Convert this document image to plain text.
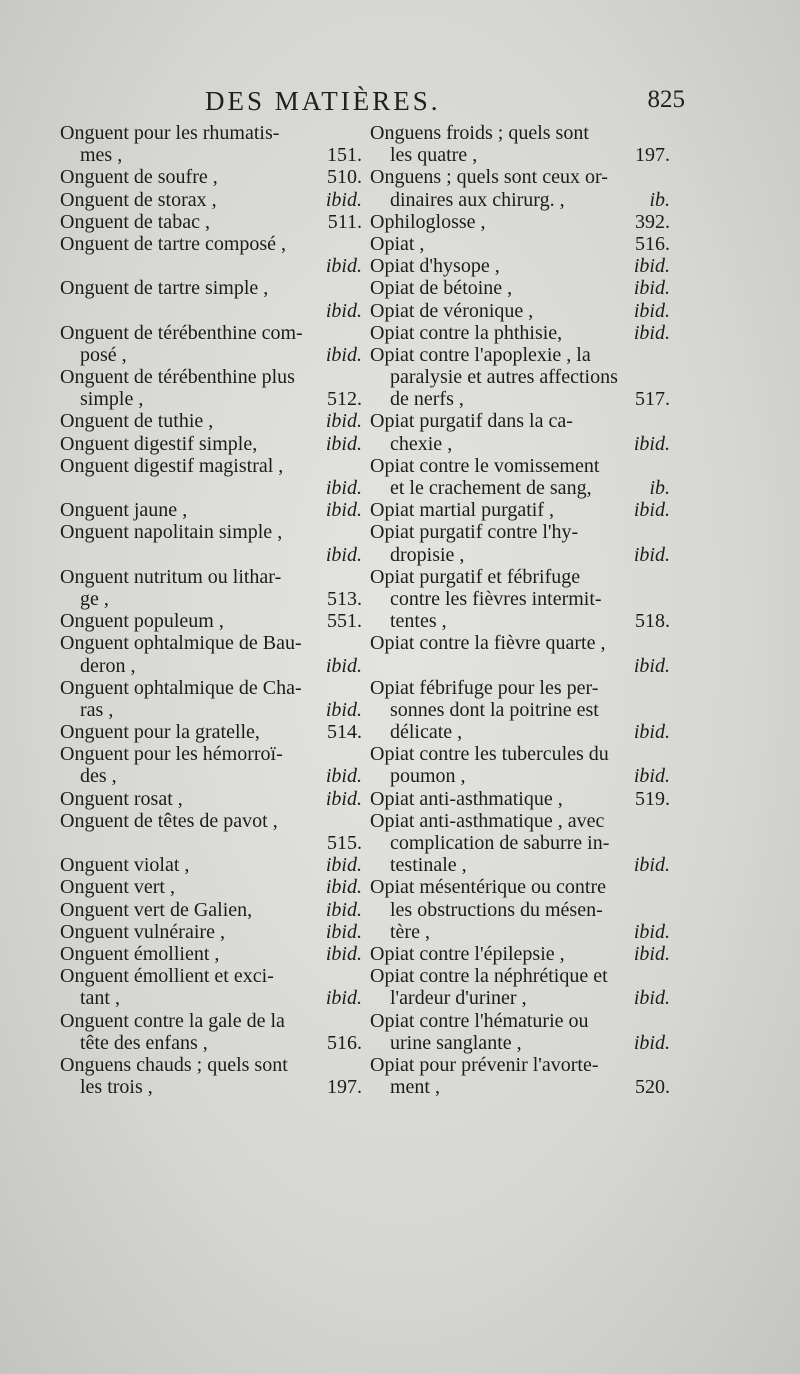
DES MATIÈRES.	825
Onguent pour les rhumatis-
mes ,	151.
Onguent de soufre ,	510.
Onguent de storax ,	ibid.
Onguent de tabac ,	511.
Onguent de tartre composé ,
ibid.
Onguent de tartre simple ,
ibid.
Onguent de térébenthine com-
posé ,	ibid.
Onguent de térébenthine plus
simple ,	512.
Onguent de tuthie ,	ibid.
Onguent digestif simple,	ibid.
Onguent digestif magistral ,
ibid.
Onguent jaune ,	ibid.
Onguent napolitain simple ,
ibid.
Onguent nutritum ou lithar-
ge ,	513.
Onguent populeum ,	551.
Onguent ophtalmique de Bau-
deron ,	ibid.
Onguent ophtalmique de Cha-
ras ,	ibid.
Onguent pour la gratelle,	514.
Onguent pour les hémorroï-
des ,	ibid.
Onguent rosat ,	ibid.
Onguent de têtes de pavot ,
515.
Onguent violat ,	ibid.
Onguent vert ,	ibid.
Onguent vert de Galien,	ibid.
Onguent vulnéraire ,	ibid.
Onguent émollient ,	ibid.
Onguent émollient et exci-
tant ,	ibid.
Onguent contre la gale de la
tête des enfans ,	516.
Onguens chauds ; quels sont
les trois ,	197.
Onguens froids ; quels sont
les quatre ,	197.
Onguens ; quels sont ceux or-
dinaires aux chirurg. ,	ib.
Ophiloglosse ,	392.
Opiat ,	516.
Opiat d'hysope ,	ibid.
Opiat de bétoine ,	ibid.
Opiat de véronique ,	ibid.
Opiat contre la phthisie,	ibid.
Opiat contre l'apoplexie , la
paralysie et autres affections
de nerfs ,	517.
Opiat purgatif dans la ca-
chexie ,	ibid.
Opiat contre le vomissement
et le crachement de sang,	ib.
Opiat martial purgatif ,	ibid.
Opiat purgatif contre l'hy-
dropisie ,	ibid.
Opiat purgatif et fébrifuge
contre les fièvres intermit-
tentes ,	518.
Opiat contre la fièvre quarte ,
ibid.
Opiat fébrifuge pour les per-
sonnes dont la poitrine est
délicate ,	ibid.
Opiat contre les tubercules du
poumon ,	ibid.
Opiat anti-asthmatique ,	519.
Opiat anti-asthmatique , avec
complication de saburre in-
testinale ,	ibid.
Opiat mésentérique ou contre
les obstructions du mésen-
tère ,	ibid.
Opiat contre l'épilepsie ,	ibid.
Opiat contre la néphrétique et
l'ardeur d'uriner ,	ibid.
Opiat contre l'hématurie ou
urine sanglante ,	ibid.
Opiat pour prévenir l'avorte-
ment ,	520.
